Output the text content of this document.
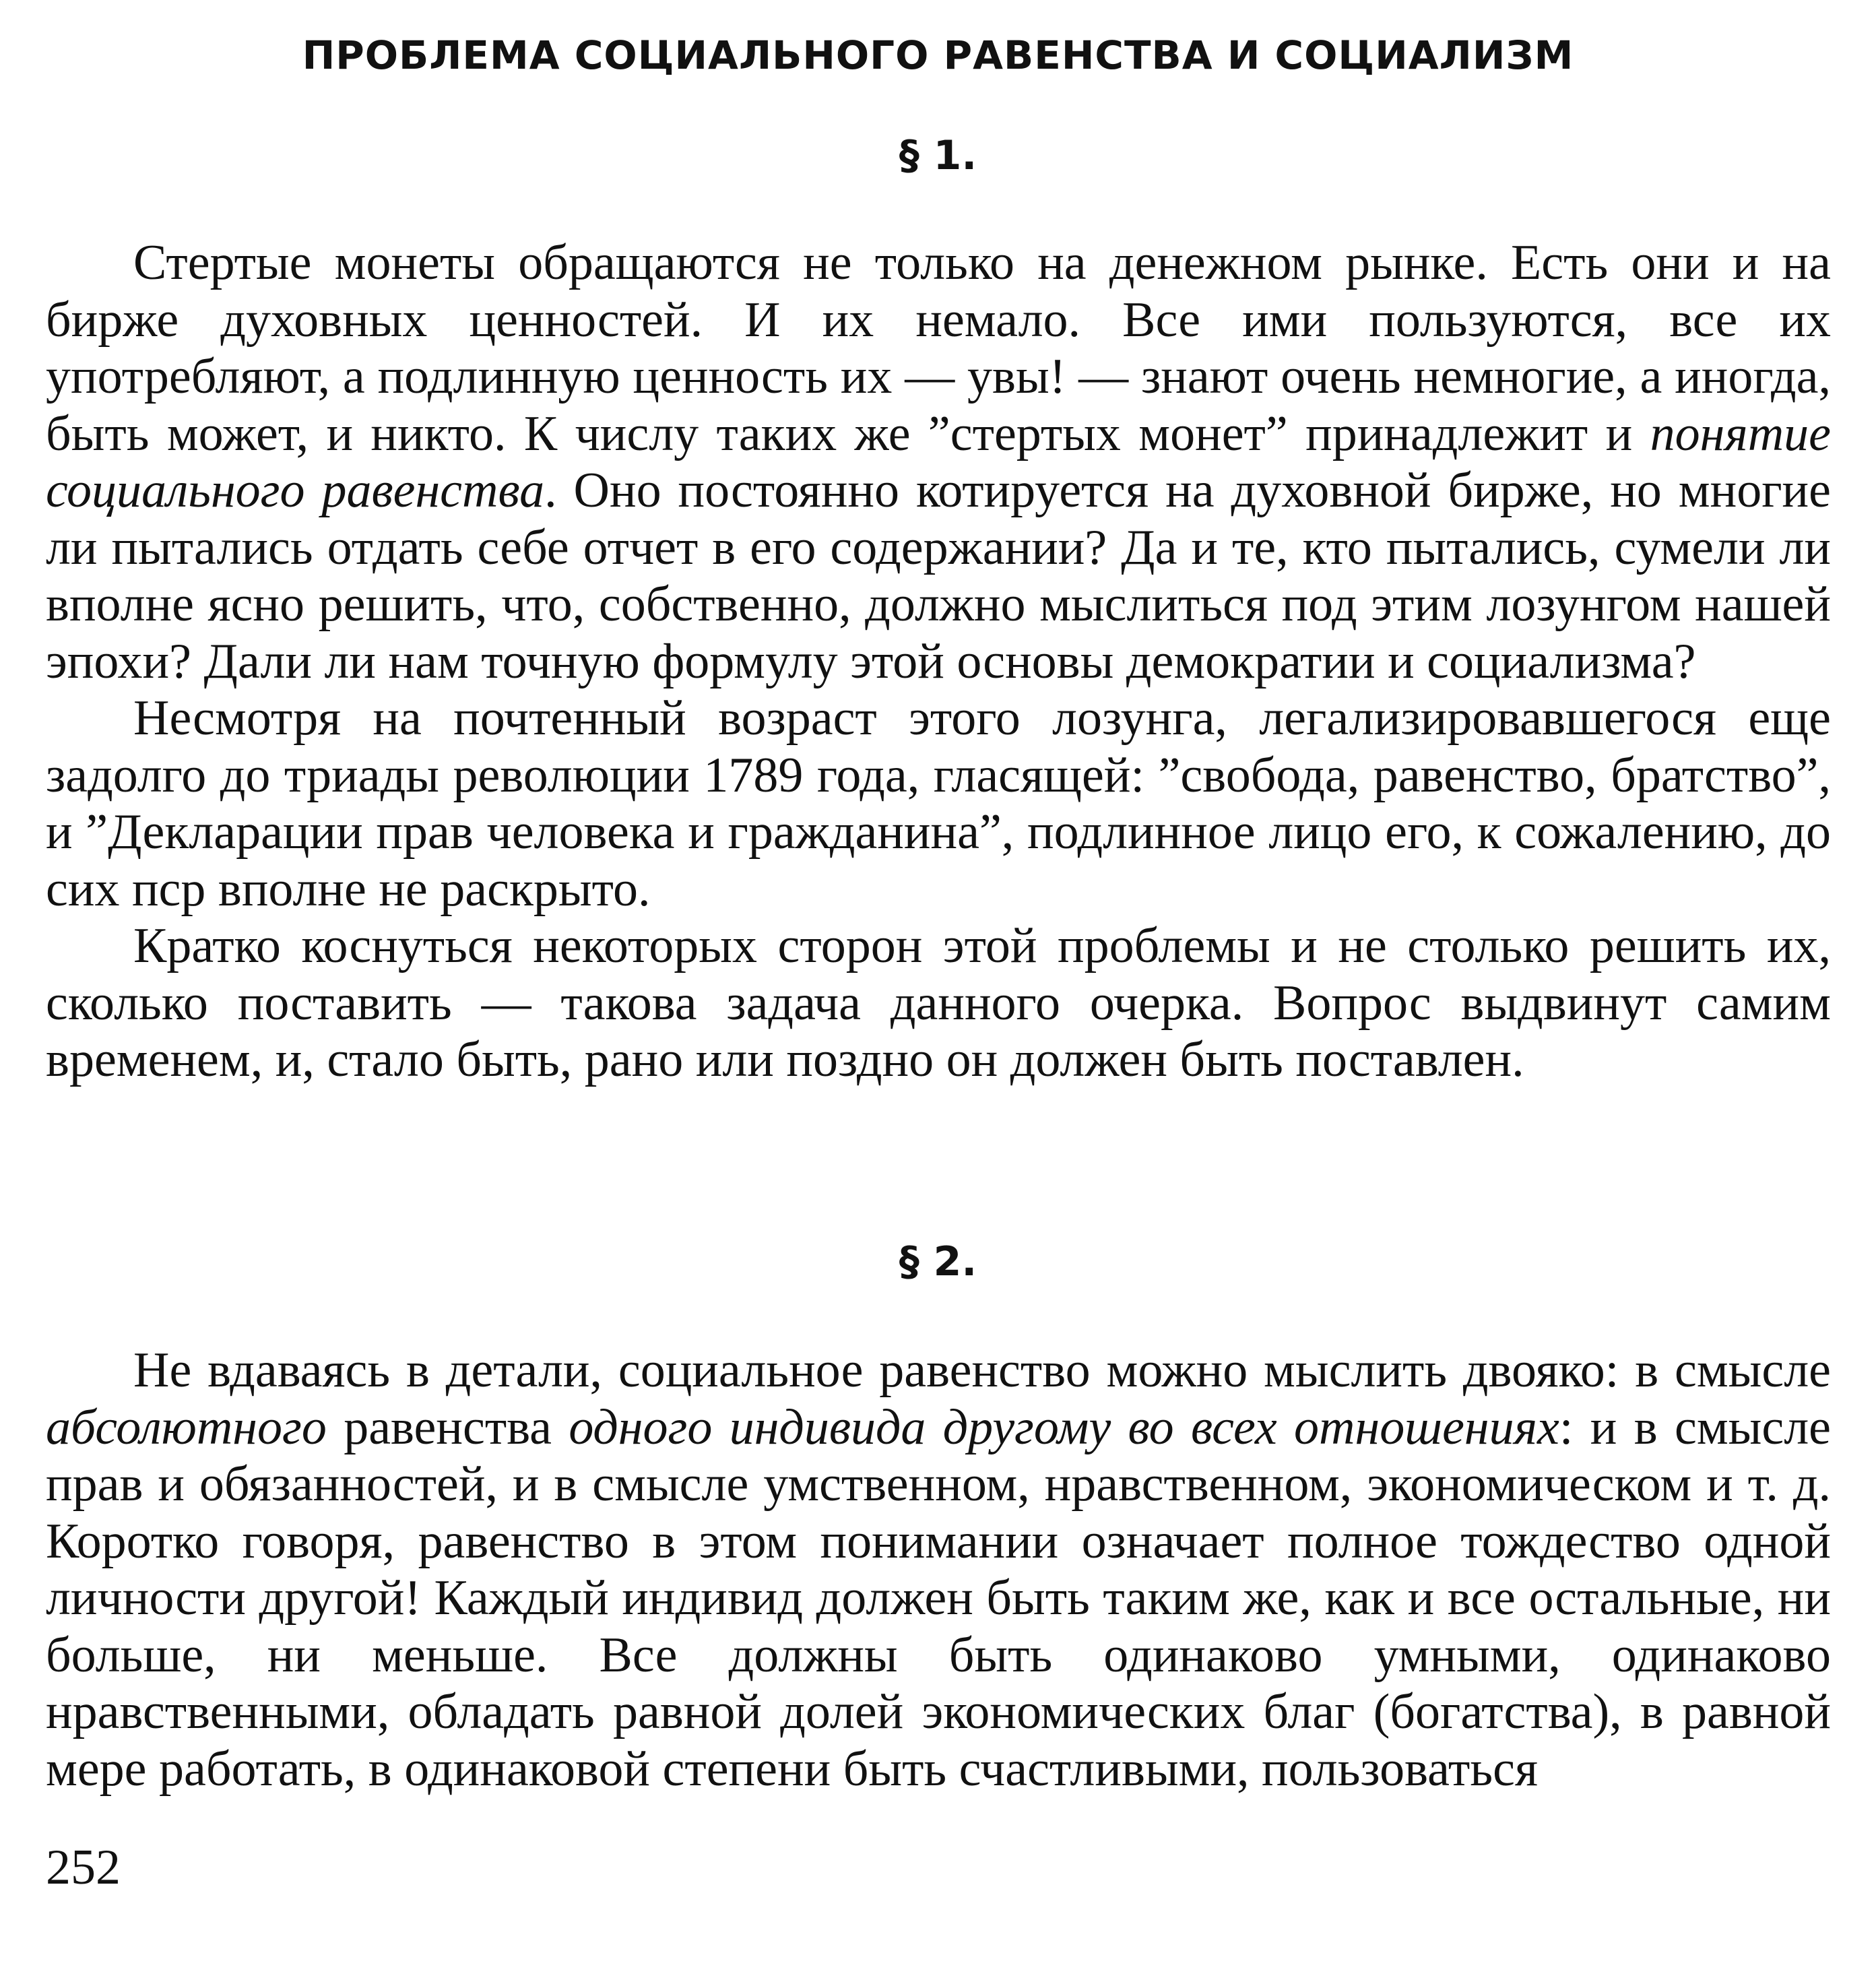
ПРОБЛЕМА СОЦИАЛЬНОГО РАВЕНСТВА И СОЦИАЛИЗМ
§ 1.

Стертые монеты обращаются не только на денежном рынке. Есть они и на бирже духовных ценностей. И их немало. Все ими пользуются, все их употребляют, а подлинную ценность их — увы! — знают очень немногие, а иногда, быть может, и никто. К числу таких же ”стертых монет” принадлежит и понятие социального равенства. Оно постоянно котируется на духовной бирже, но многие ли пытались отдать себе отчет в его содержании? Да и те, кто пытались, сумели ли вполне ясно решить, что, собственно, должно мыслиться под этим лозунгом нашей эпохи? Дали ли нам точную формулу этой основы демократии и социализма?

Несмотря на почтенный возраст этого лозунга, легализировавшегося еще задолго до триады революции 1789 года, гласящей: ”свобода, равенство, братство”, и ”Декларации прав человека и гражданина”, подлинное лицо его, к сожалению, до сих пср вполне не раскрыто.

Кратко коснуться некоторых сторон этой проблемы и не столько решить их, сколько поставить — такова задача данного очерка. Вопрос выдвинут самим временем, и, стало быть, рано или поздно он должен быть поставлен.

§ 2.

Не вдаваясь в детали, социальное равенство можно мыслить двояко: в смысле абсолютного равенства одного индивида другому во всех отношениях: и в смысле прав и обязанностей, и в смысле умственном, нравственном, экономическом и т. д. Коротко говоря, равенство в этом понимании означает полное тождество одной личности другой! Каждый индивид должен быть таким же, как и все остальные, ни больше, ни меньше. Все должны быть одинаково умными, одинаково нравственными, обладать равной долей экономических благ (богатства), в равной мере работать, в одинаковой степени быть счастливыми, пользоваться

252
